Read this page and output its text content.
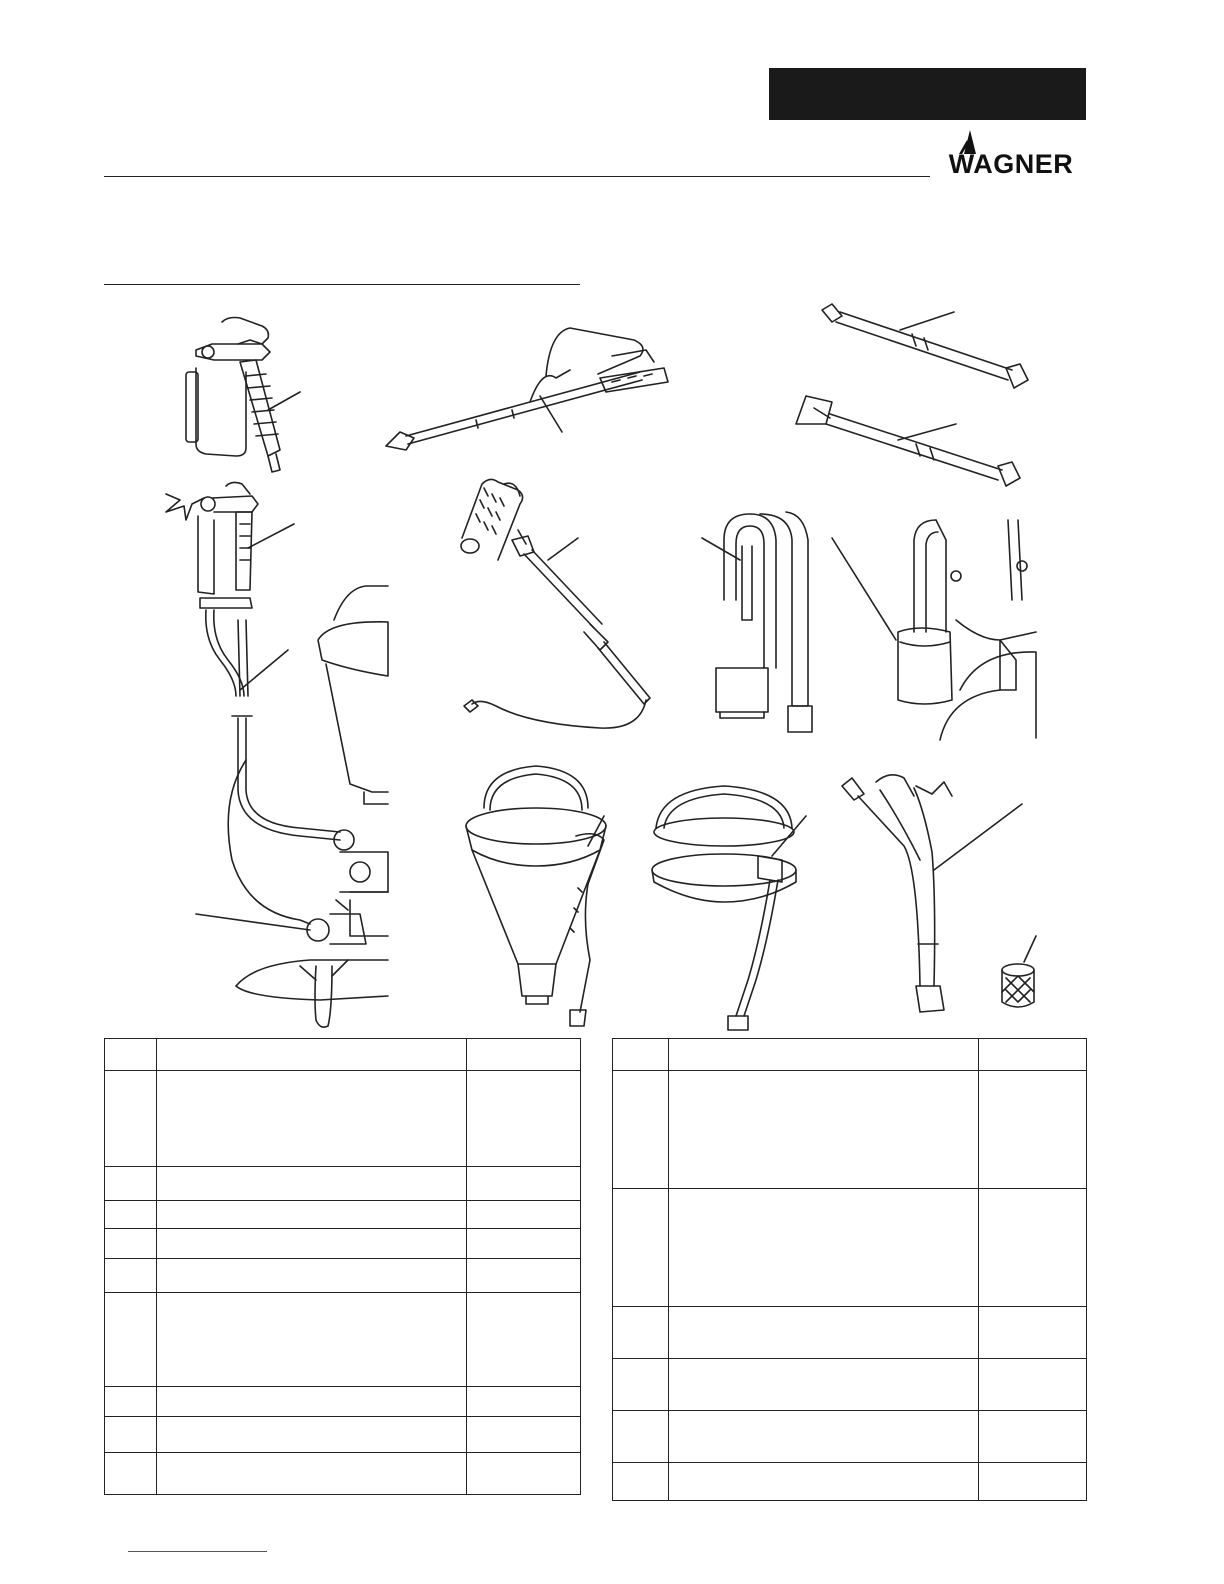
WAGNER
